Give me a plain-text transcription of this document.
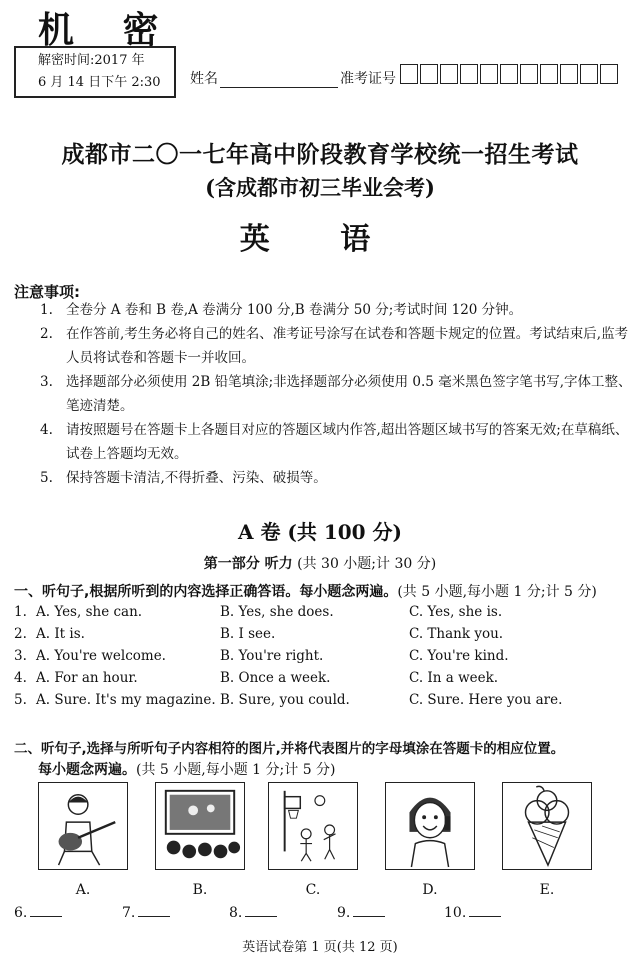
机 密
解密时间:2017 年
6 月 14 日下午 2:30	姓名	准考证号
成都市二〇一七年高中阶段教育学校统一招生考试
(含成都市初三毕业会考)
英 语
注意事项:
1. 全卷分 A 卷和 B 卷,A 卷满分 100 分,B 卷满分 50 分;考试时间 120 分钟。
2. 在作答前,考生务必将自己的姓名、准考证号涂写在试卷和答题卡规定的位置。考试结束后,监考人员将试卷和答题卡一并收回。
3. 选择题部分必须使用 2B 铅笔填涂;非选择题部分必须使用 0.5 毫米黑色签字笔书写,字体工整、笔迹清楚。
4. 请按照题号在答题卡上各题目对应的答题区域内作答,超出答题区域书写的答案无效;在草稿纸、试卷上答题均无效。
5. 保持答题卡清洁,不得折叠、污染、破损等。
A 卷 (共 100 分)
第一部分 听力 (共 30 小题;计 30 分)
一、听句子,根据所听到的内容选择正确答语。每小题念两遍。(共 5 小题,每小题 1 分;计 5 分)
1. A. Yes, she can.	B. Yes, she does.	C. Yes, she is.
2. A. It is.	B. I see.	C. Thank you.
3. A. You're welcome.	B. You're right.	C. You're kind.
4. A. For an hour.	B. Once a week.	C. In a week.
5. A. Sure. It's my magazine. B. Sure, you could.	C. Sure. Here you are.
二、听句子,选择与所听句子内容相符的图片,并将代表图片的字母填涂在答题卡的相应位置。
每小题念两遍。(共 5 小题,每小题 1 分;计 5 分)
A.	B.	C.	D.	E.
6.	7.	8.	9.	10.
英语试卷第 1 页(共 12 页)
